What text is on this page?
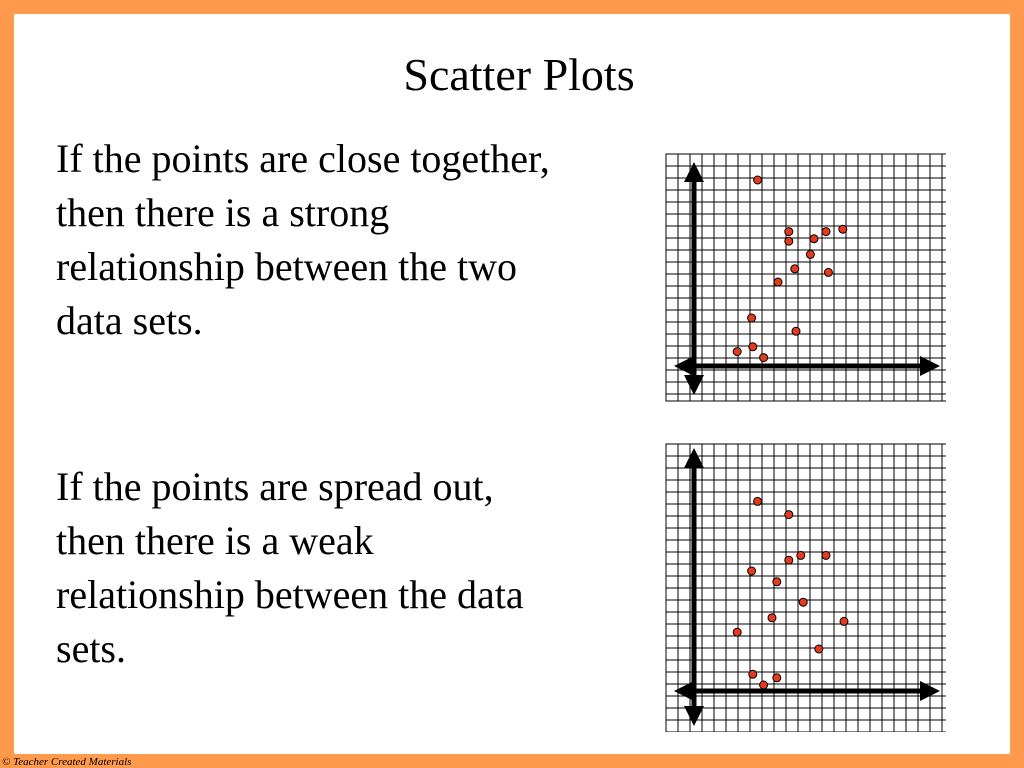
Scatter Plots

If the points are close together, then there is a strong relationship between the two data sets.

If the points are spread out, then there is a weak relationship between the data sets.

© Teacher Created Materials
